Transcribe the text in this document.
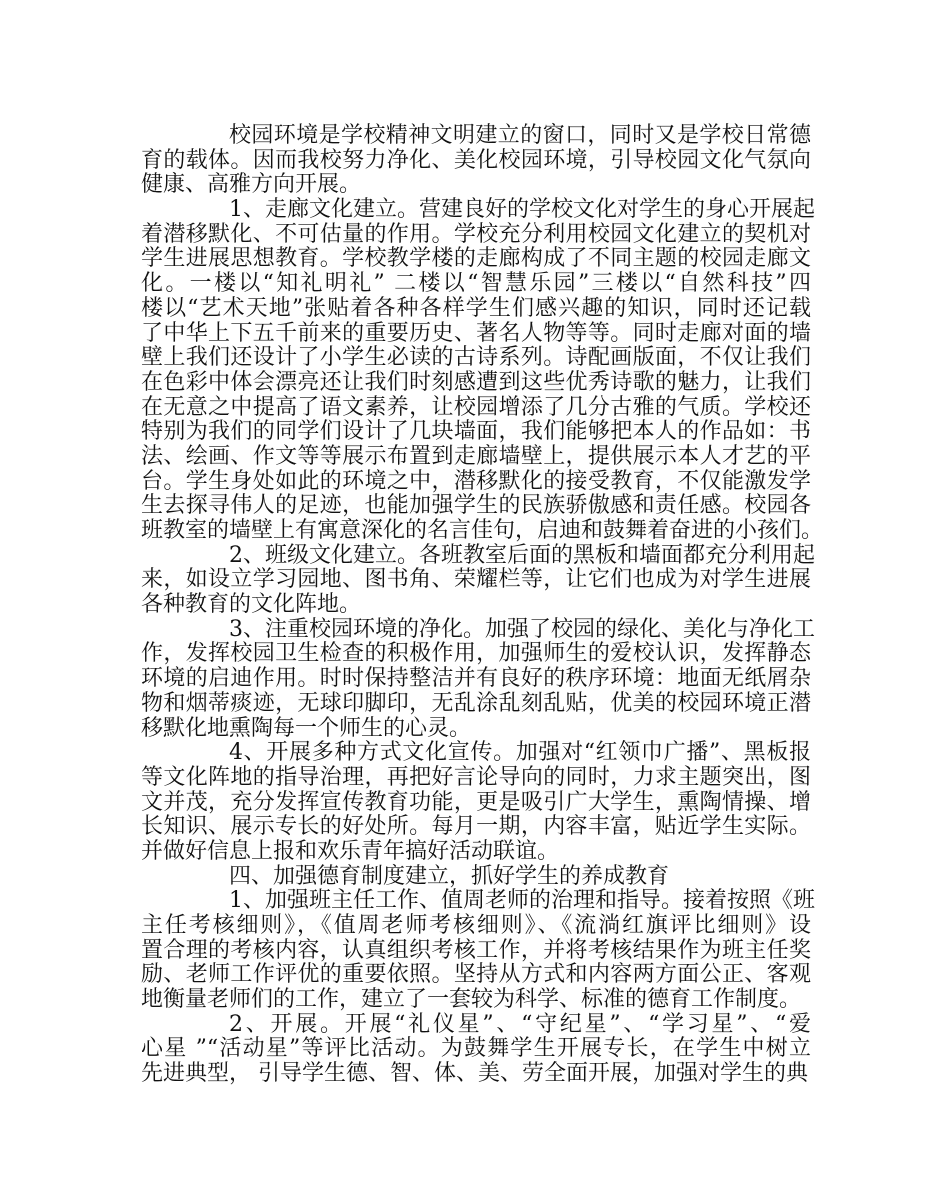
校园环境是学校精神文明建立的窗口，同时又是学校日常德
育的载体。因而我校努力净化、美化校园环境，引导校园文化气氛向
健康、高雅方向开展。
1、走廊文化建立。营建良好的学校文化对学生的身心开展起
着潜移默化、不可估量的作用。学校充分利用校园文化建立的契机对
学生进展思想教育。学校教学楼的走廊构成了不同主题的校园走廊文
化。一楼以“知礼明礼” 二楼以“智慧乐园”三楼以“自然科技”四
楼以“艺术天地”张贴着各种各样学生们感兴趣的知识，同时还记载
了中华上下五千前来的重要历史、著名人物等等。同时走廊对面的墙
壁上我们还设计了小学生必读的古诗系列。诗配画版面，不仅让我们
在色彩中体会漂亮还让我们时刻感遭到这些优秀诗歌的魅力，让我们
在无意之中提高了语文素养，让校园增添了几分古雅的气质。学校还
特别为我们的同学们设计了几块墙面，我们能够把本人的作品如：书
法、绘画、作文等等展示布置到走廊墙壁上，提供展示本人才艺的平
台。学生身处如此的环境之中，潜移默化的接受教育，不仅能激发学
生去探寻伟人的足迹，也能加强学生的民族骄傲感和责任感。校园各
班教室的墙壁上有寓意深化的名言佳句，启迪和鼓舞着奋进的小孩们。
2、班级文化建立。各班教室后面的黑板和墙面都充分利用起
来，如设立学习园地、图书角、荣耀栏等，让它们也成为对学生进展
各种教育的文化阵地。
3、注重校园环境的净化。加强了校园的绿化、美化与净化工
作，发挥校园卫生检查的积极作用，加强师生的爱校认识，发挥静态
环境的启迪作用。时时保持整洁并有良好的秩序环境：地面无纸屑杂
物和烟蒂痰迹，无球印脚印，无乱涂乱刻乱贴，优美的校园环境正潜
移默化地熏陶每一个师生的心灵。
4、开展多种方式文化宣传。加强对“红领巾广播”、黑板报
等文化阵地的指导治理，再把好言论导向的同时，力求主题突出，图
文并茂，充分发挥宣传教育功能，更是吸引广大学生，熏陶情操、增
长知识、展示专长的好处所。每月一期，内容丰富，贴近学生实际。
并做好信息上报和欢乐青年搞好活动联谊。
四、加强德育制度建立，抓好学生的养成教育
1、加强班主任工作、值周老师的治理和指导。接着按照《班
主任考核细则》，《值周老师考核细则》、《流淌红旗评比细则》设
置合理的考核内容，认真组织考核工作，并将考核结果作为班主任奖
励、老师工作评优的重要依照。坚持从方式和内容两方面公正、客观
地衡量老师们的工作，建立了一套较为科学、标准的德育工作制度。
2、开展。开展“礼仪星”、“守纪星”、“学习星”、“爱
心星 ”“活动星”等评比活动。为鼓舞学生开展专长，在学生中树立
先进典型， 引导学生德、智、体、美、劳全面开展，加强对学生的典
